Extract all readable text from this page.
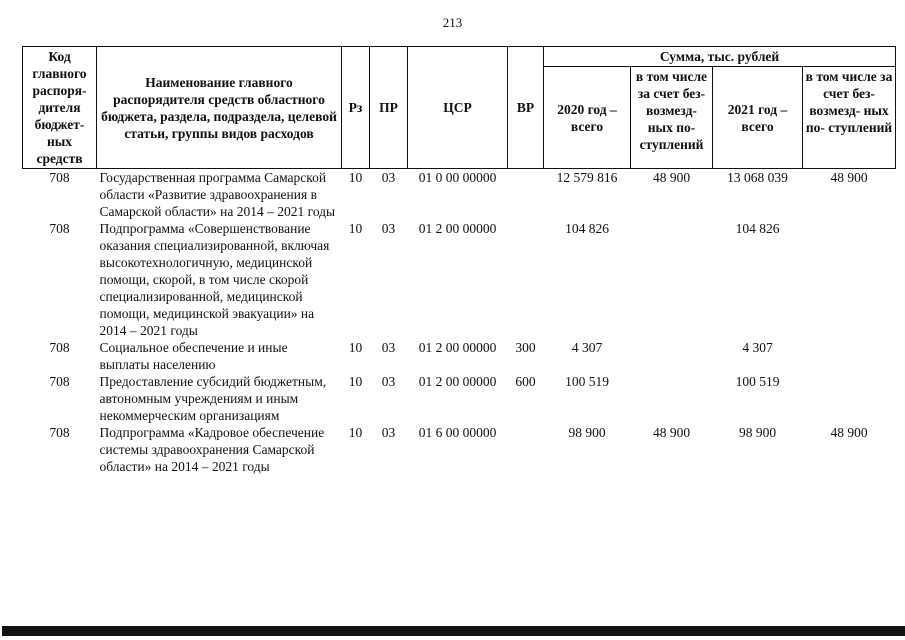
213
Код главного распоря- дителя бюджет- ных средств	Наименование главного распорядителя средств областного бюджета, раздела, подраздела, целевой статьи, группы видов расходов	Рз	ПР	ЦСР	ВР	Сумма, тыс. рублей			
						2020 год – всего	в том числе за счет без- возмезд- ных по- ступлений	2021 год – всего	в том числе за счет без- возмезд- ных по- ступлений
708	Государственная программа Самарской области «Развитие здравоохранения в Самарской области» на 2014 – 2021 годы	10	03	01 0 00 00000		12 579 816	48 900	13 068 039	48 900
708	Подпрограмма «Совершенствование оказания специализированной, включая высокотехнологичную, медицинской помощи, скорой, в том числе скорой специализированной, медицинской помощи, медицинской эвакуации» на 2014 – 2021 годы	10	03	01 2 00 00000		104 826		104 826	
708	Социальное обеспечение и иные выплаты населению	10	03	01 2 00 00000	300	4 307		4 307	
708	Предоставление субсидий бюджетным, автономным учреждениям и иным некоммерческим организациям	10	03	01 2 00 00000	600	100 519		100 519	
708	Подпрограмма «Кадровое обеспечение системы здравоохранения Самарской области» на 2014 – 2021 годы	10	03	01 6 00 00000		98 900	48 900	98 900	48 900
